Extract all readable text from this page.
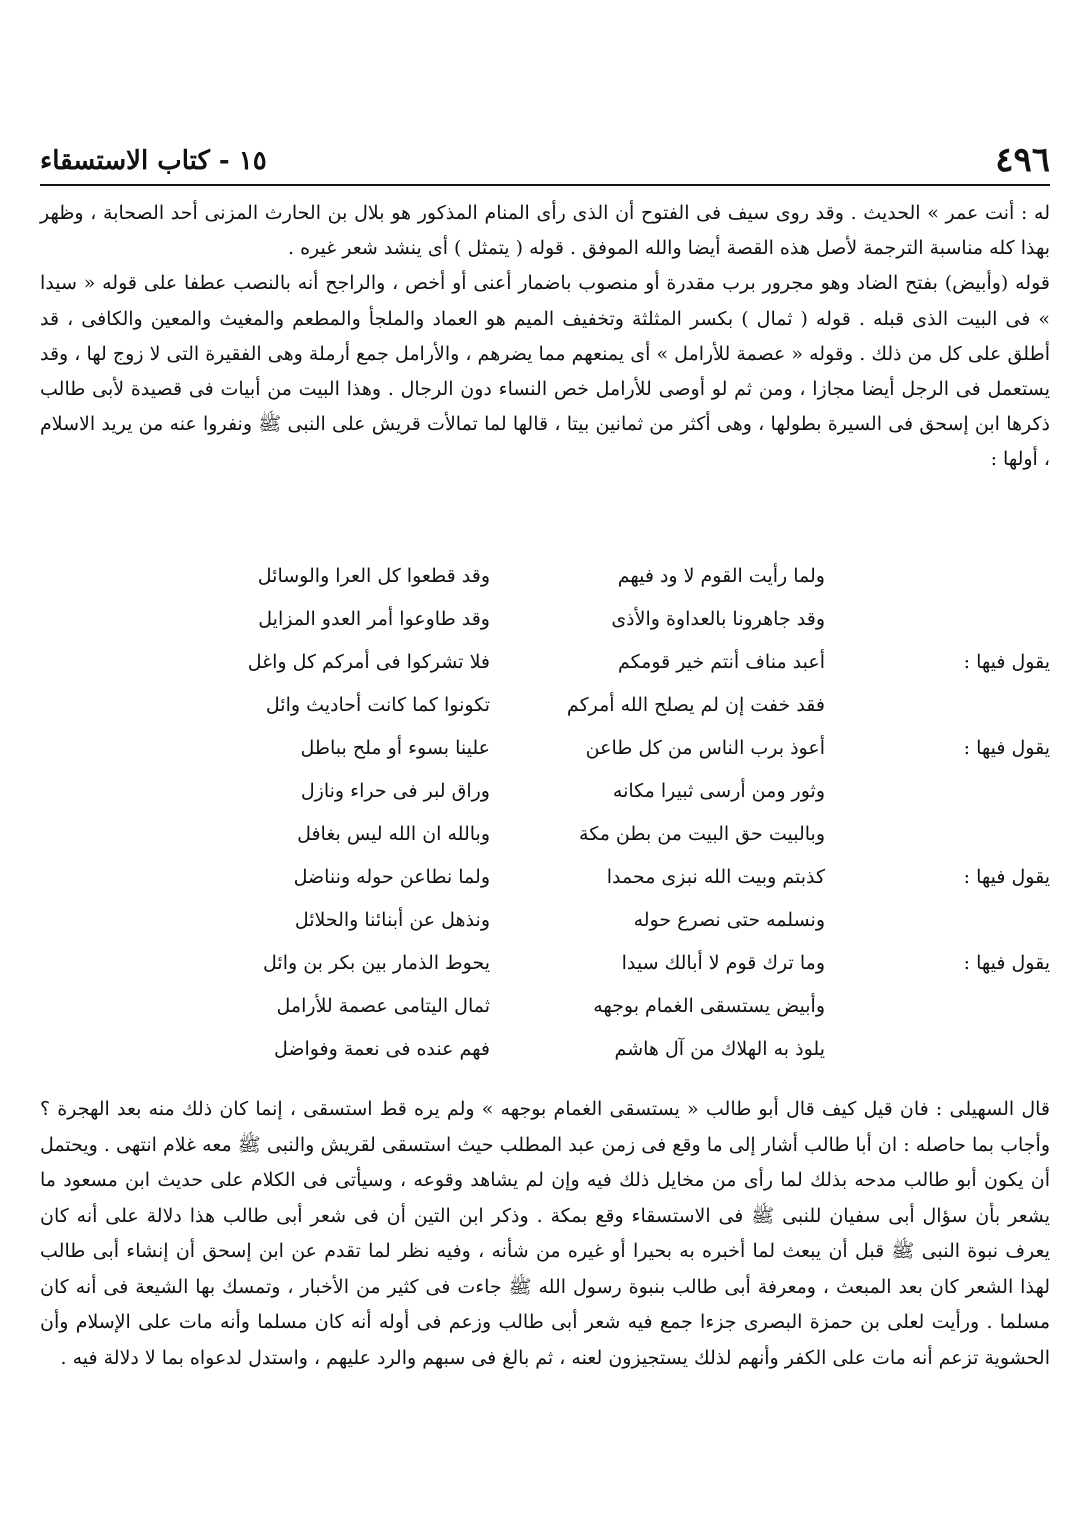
٤٩٦
١٥ - كتاب الاستسقاء

له : أنت عمر » الحديث . وقد روى سيف فى الفتوح أن الذى رأى المنام المذكور هو بلال بن الحارث المزنى أحد الصحابة ، وظهر بهذا كله مناسبة الترجمة لأصل هذه القصة أيضا والله الموفق . قوله ( يتمثل ) أى ينشد شعر غيره .

قوله (وأبيض) بفتح الضاد وهو مجرور برب مقدرة أو منصوب باضمار أعنى أو أخص ، والراجح أنه بالنصب عطفا على قوله « سيدا » فى البيت الذى قبله . قوله ( ثمال ) بكسر المثلثة وتخفيف الميم هو العماد والملجأ والمطعم والمغيث والمعين والكافى ، قد أطلق على كل من ذلك . وقوله « عصمة للأرامل » أى يمنعهم مما يضرهم ، والأرامل جمع أرملة وهى الفقيرة التى لا زوج لها ، وقد يستعمل فى الرجل أيضا مجازا ، ومن ثم لو أوصى للأرامل خص النساء دون الرجال . وهذا البيت من أبيات فى قصيدة لأبى طالب ذكرها ابن إسحق فى السيرة بطولها ، وهى أكثر من ثمانين بيتا ، قالها لما تمالأت قريش على النبى ﷺ ونفروا عنه من يريد الاسلام ، أولها :

ولما رأيت القوم لا ود فيهم
وقد قطعوا كل العرا والوسائل
وقد جاهرونا بالعداوة والأذى
وقد طاوعوا أمر العدو المزايل
يقول فيها :
أعبد مناف أنتم خير قومكم
فلا تشركوا فى أمركم كل واغل
فقد خفت إن لم يصلح الله أمركم
تكونوا كما كانت أحاديث وائل
يقول فيها :
أعوذ برب الناس من كل طاعن
علينا بسوء أو ملح بباطل
وثور ومن أرسى ثبيرا مكانه
وراق لبر فى حراء ونازل
وبالبيت حق البيت من بطن مكة
وبالله ان الله ليس بغافل
يقول فيها :
كذبتم وبيت الله نبزى محمدا
ولما نطاعن حوله ونناضل
ونسلمه حتى نصرع حوله
ونذهل عن أبنائنا والحلائل
يقول فيها :
وما ترك قوم لا أبالك سيدا
يحوط الذمار بين بكر بن وائل
وأبيض يستسقى الغمام بوجهه
ثمال اليتامى عصمة للأرامل
يلوذ به الهلاك من آل هاشم
فهم عنده فى نعمة وفواضل

قال السهيلى : فان قيل كيف قال أبو طالب « يستسقى الغمام بوجهه » ولم يره قط استسقى ، إنما كان ذلك منه بعد الهجرة ؟ وأجاب بما حاصله : ان أبا طالب أشار إلى ما وقع فى زمن عبد المطلب حيث استسقى لقريش والنبى ﷺ معه غلام انتهى . ويحتمل أن يكون أبو طالب مدحه بذلك لما رأى من مخايل ذلك فيه وإن لم يشاهد وقوعه ، وسيأتى فى الكلام على حديث ابن مسعود ما يشعر بأن سؤال أبى سفيان للنبى ﷺ فى الاستسقاء وقع بمكة . وذكر ابن التين أن فى شعر أبى طالب هذا دلالة على أنه كان يعرف نبوة النبى ﷺ قبل أن يبعث لما أخبره به بحيرا أو غيره من شأنه ، وفيه نظر لما تقدم عن ابن إسحق أن إنشاء أبى طالب لهذا الشعر كان بعد المبعث ، ومعرفة أبى طالب بنبوة رسول الله ﷺ جاءت فى كثير من الأخبار ، وتمسك بها الشيعة فى أنه كان مسلما . ورأيت لعلى بن حمزة البصرى جزءا جمع فيه شعر أبى طالب وزعم فى أوله أنه كان مسلما وأنه مات على الإسلام وأن الحشوية تزعم أنه مات على الكفر وأنهم لذلك يستجيزون لعنه ، ثم بالغ فى سبهم والرد عليهم ، واستدل لدعواه بما لا دلالة فيه .
